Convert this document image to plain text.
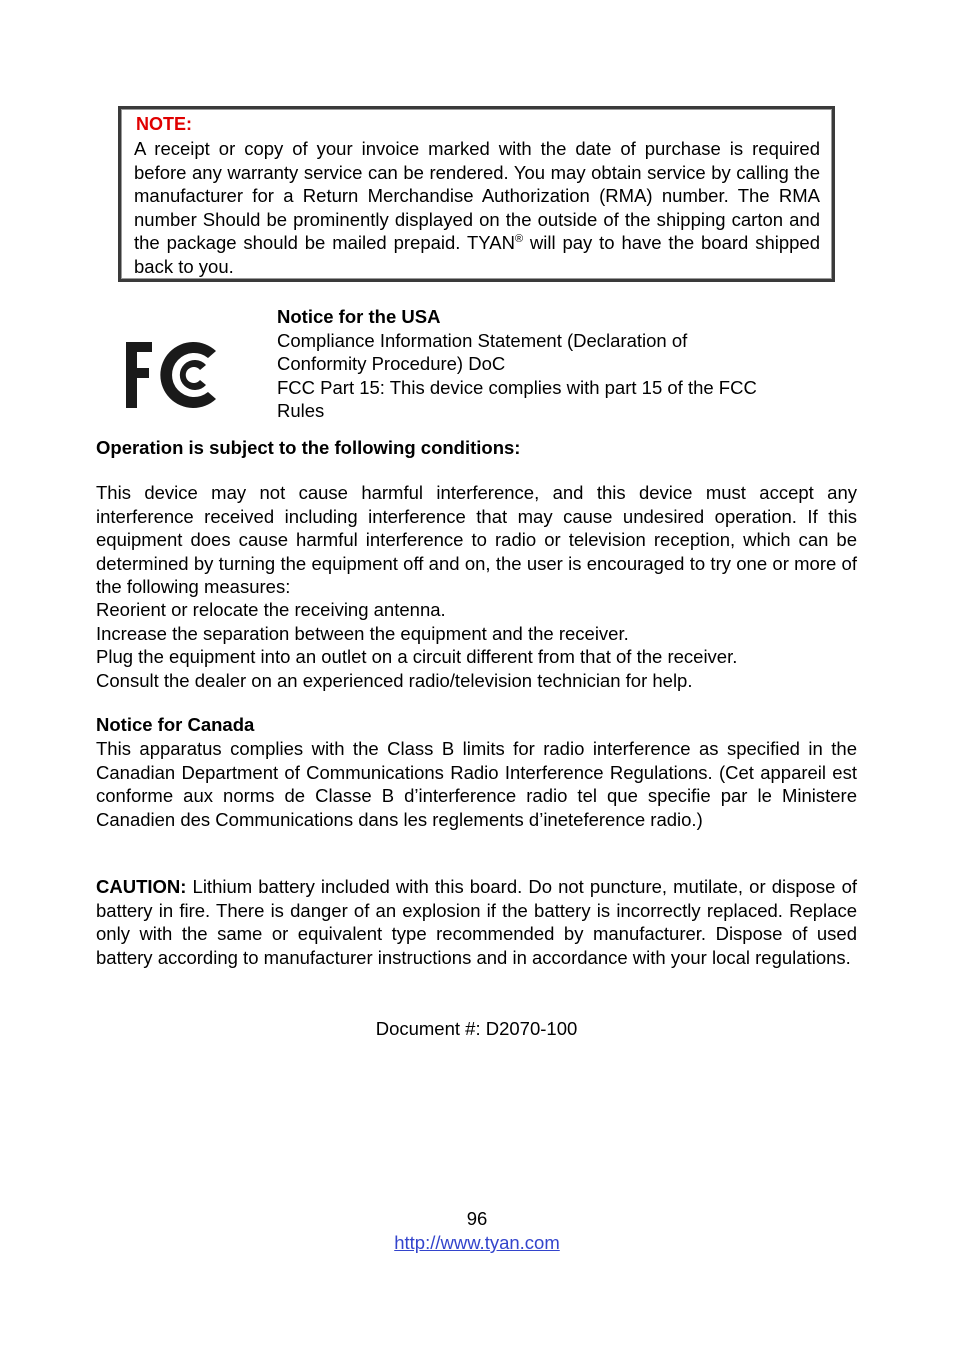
NOTE:
A receipt or copy of your invoice marked with the date of purchase is required before any warranty service can be rendered. You may obtain service by calling the manufacturer for a Return Merchandise Authorization (RMA) number. The RMA number Should be prominently displayed on the outside of the shipping carton and the package should be mailed prepaid. TYAN® will pay to have the board shipped back to you.
Notice for the USA
Compliance Information Statement (Declaration of
Conformity Procedure) DoC
FCC Part 15: This device complies with part 15 of the FCC
Rules
Operation is subject to the following conditions:
This device may not cause harmful interference, and this device must accept any interference received including interference that may cause undesired operation. If this equipment does cause harmful interference to radio or television reception, which can be determined by turning the equipment off and on, the user is encouraged to try one or more of the following measures:
Reorient or relocate the receiving antenna.
Increase the separation between the equipment and the receiver.
Plug the equipment into an outlet on a circuit different from that of the receiver.
Consult the dealer on an experienced radio/television technician for help.
Notice for Canada
This apparatus complies with the Class B limits for radio interference as specified in the Canadian Department of Communications Radio Interference Regulations. (Cet appareil est conforme aux norms de Classe B d’interference radio tel que specifie par le Ministere Canadien des Communications dans les reglements d’ineteference radio.)
CAUTION: Lithium battery included with this board. Do not puncture, mutilate, or dispose of battery in fire. There is danger of an explosion if the battery is incorrectly replaced. Replace only with the same or equivalent type recommended by manufacturer. Dispose of used battery according to manufacturer instructions and in accordance with your local regulations.
Document #: D2070-100
96
http://www.tyan.com
